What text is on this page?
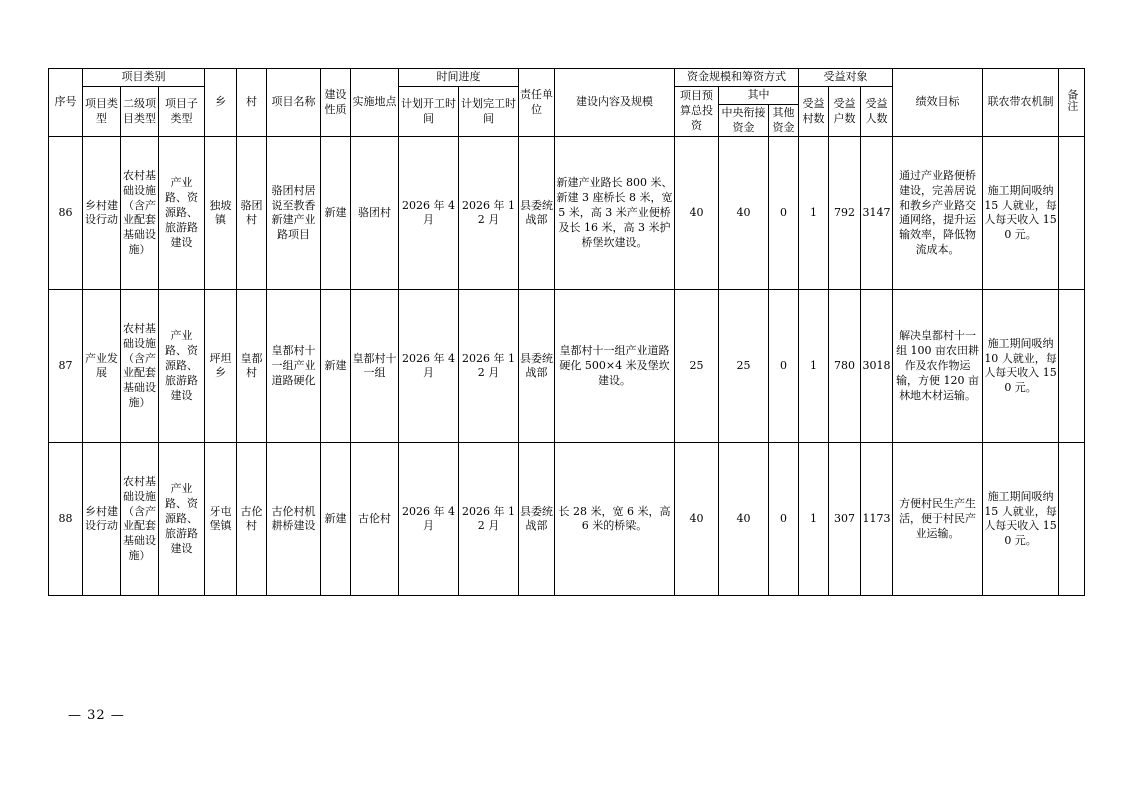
序号	项目类别			乡	村	项目名称	建设性质	实施地点	时间进度		责任单位	建设内容及规模	资金规模和筹资方式			受益对象			绩效目标	联农带农机制	备注
	项目类型	二级项目类型	项目子类型						计划开工时间	计划完工时间			项目预算总投资	其中		受益村数	受益户数	受益人数			
														中央衔接资金	其他资金						
86	乡村建设行动	农村基础设施（含产业配套基础设施）	产业路、资源路、旅游路建设	独坡镇	骆团村	骆团村居说至教香新建产业路项目	新建	骆团村	2026 年 4 月	2026 年 12 月	县委统战部	新建产业路长 800 米、新建 3 座桥长 8 米，宽 5 米，高 3 米产业便桥及长 16 米，高 3 米护桥堡坎建设。	40	40	0	1	792	3147	通过产业路便桥建设，完善居说和教乡产业路交通网络，提升运输效率，降低物流成本。	施工期间吸纳 15 人就业，每人每天收入 150 元。	
87	产业发展	农村基础设施（含产业配套基础设施）	产业路、资源路、旅游路建设	坪坦乡	皇都村	皇都村十一组产业道路硬化	新建	皇都村十一组	2026 年 4 月	2026 年 12 月	县委统战部	皇都村十一组产业道路硬化 500×4 米及堡坎建设。	25	25	0	1	780	3018	解决皇都村十一组 100 亩农田耕作及农作物运输，方便 120 亩林地木材运输。	施工期间吸纳 10 人就业，每人每天收入 150 元。	
88	乡村建设行动	农村基础设施（含产业配套基础设施）	产业路、资源路、旅游路建设	牙屯堡镇	古伦村	古伦村机耕桥建设	新建	古伦村	2026 年 4 月	2026 年 12 月	县委统战部	长 28 米，宽 6 米，高 6 米的桥梁。	40	40	0	1	307	1173	方便村民生产生活，便于村民产业运输。	施工期间吸纳 15 人就业，每人每天收入 150 元。	
— 32 —
